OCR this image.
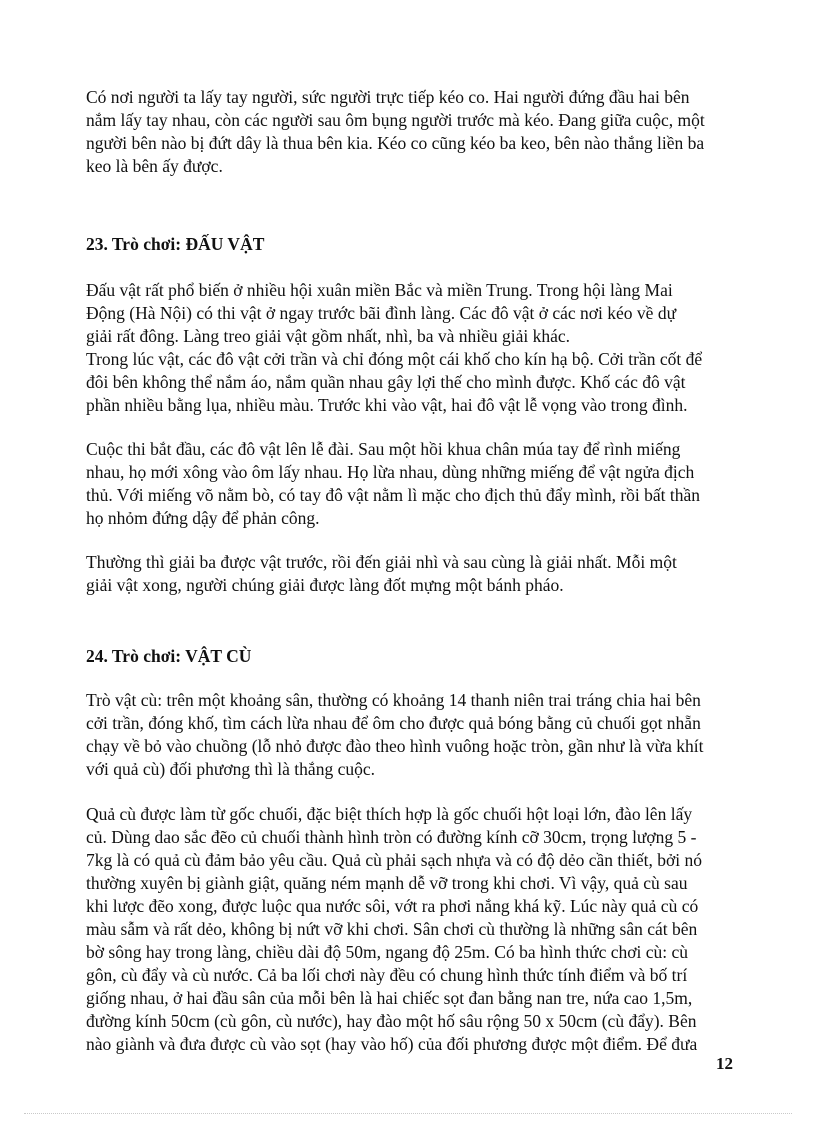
Có nơi người ta lấy tay người, sức người trực tiếp kéo co. Hai người đứng đầu hai bên
nắm lấy tay nhau, còn các người sau ôm bụng người trước mà kéo. Đang giữa cuộc, một
người bên nào bị đứt dây là thua bên kia. Kéo co cũng kéo ba keo, bên nào thắng liền ba
keo là bên ấy được.
23. Trò chơi: ĐẤU VẬT
Đấu vật rất phổ biến ở nhiều hội xuân miền Bắc và miền Trung. Trong hội làng Mai
Động (Hà Nội) có thi vật ở ngay trước bãi đình làng. Các đô vật ở các nơi kéo về dự
giải rất đông. Làng treo giải vật gồm nhất, nhì, ba và nhiều giải khác.
Trong lúc vật, các đô vật cởi trần và chỉ đóng một cái khố cho kín hạ bộ. Cởi trần cốt để
đôi bên không thể nắm áo, nắm quần nhau gây lợi thế cho mình được. Khố các đô vật
phần nhiều bằng lụa, nhiều màu. Trước khi vào vật, hai đô vật lễ vọng vào trong đình.
Cuộc thi bắt đầu, các đô vật lên lễ đài. Sau một hồi khua chân múa tay để rình miếng
nhau, họ mới xông vào ôm lấy nhau. Họ lừa nhau, dùng những miếng để vật ngửa địch
thủ. Với miếng võ nằm bò, có tay đô vật nằm lì mặc cho địch thủ đẩy mình, rồi bất thần
họ nhỏm đứng dậy để phản công.
Thường thì giải ba được vật trước, rồi đến giải nhì và sau cùng là giải nhất. Mỗi một
giải vật xong, người chúng giải được làng đốt mựng một bánh pháo.
24. Trò chơi: VẬT CÙ
Trò vật cù: trên một khoảng sân, thường có khoảng 14 thanh niên trai tráng chia hai bên
cởi trần, đóng khố, tìm cách lừa nhau để ôm cho được quả bóng bằng củ chuối gọt nhẵn
chạy về bỏ vào chuồng (lỗ nhỏ được đào theo hình vuông hoặc tròn, gần như là vừa khít
với quả cù) đối phương thì là thắng cuộc.
Quả cù được làm từ gốc chuối, đặc biệt thích hợp là gốc chuối hột loại lớn, đào lên lấy
củ. Dùng dao sắc đẽo củ chuối thành hình tròn có đường kính cỡ 30cm, trọng lượng 5 -
7kg là có quả cù đảm bảo yêu cầu. Quả cù phải sạch nhựa và có độ dẻo cần thiết, bởi nó
thường xuyên bị giành giật, quăng ném mạnh dễ vỡ trong khi chơi. Vì vậy, quả cù sau
khi lược đẽo xong, được luộc qua nước sôi, vớt ra phơi nắng khá kỹ. Lúc này quả cù có
màu sẫm và rất dẻo, không bị nứt vỡ khi chơi. Sân chơi cù thường là những sân cát bên
bờ sông hay trong làng, chiều dài độ 50m, ngang độ 25m. Có ba hình thức chơi cù: cù
gôn, cù đẩy và cù nước. Cả ba lối chơi này đều có chung hình thức tính điểm và bố trí
giống nhau, ở hai đầu sân của mỗi bên là hai chiếc sọt đan bằng nan tre, nứa cao 1,5m,
đường kính 50cm (cù gôn, cù nước), hay đào một hố sâu rộng 50 x 50cm (cù đẩy). Bên
nào giành và đưa được cù vào sọt (hay vào hố) của đối phương được một điểm. Để đưa
12
